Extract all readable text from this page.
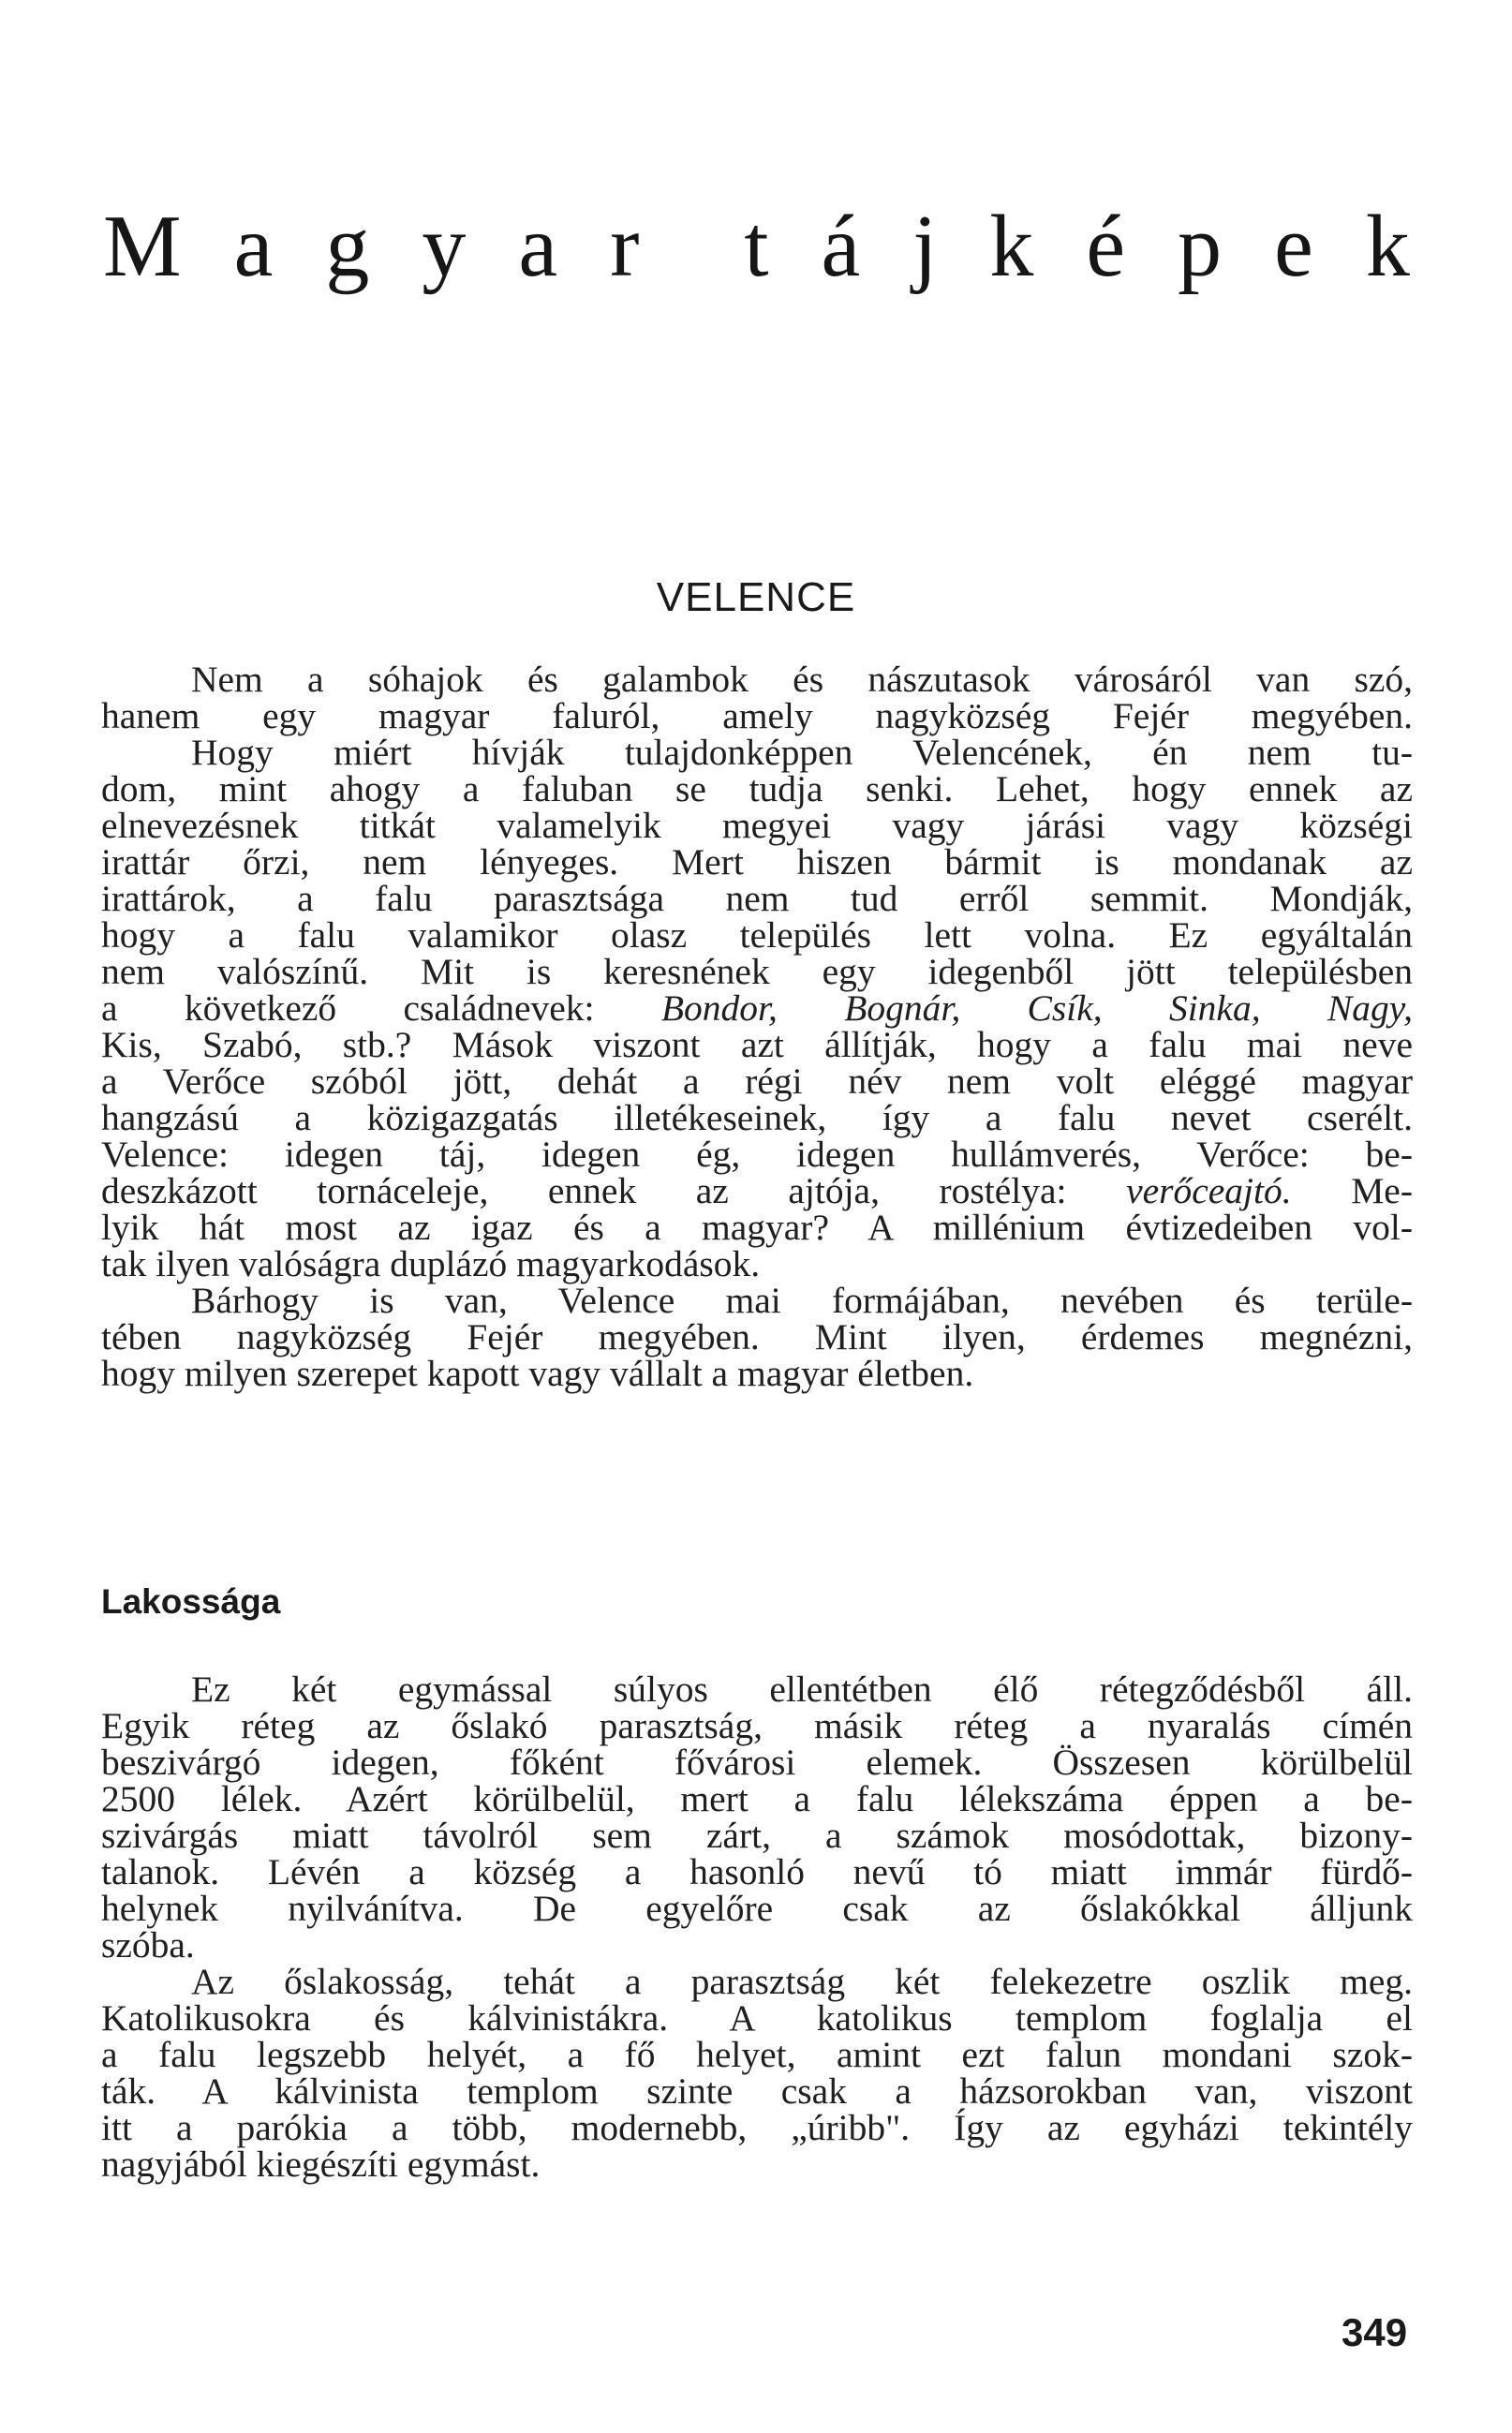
M a g y a r t á j k é p e k
VELENCE
Nem a sóhajok és galambok és nászutasok városáról van szó,
hanem egy magyar faluról, amely nagyközség Fejér megyében.
Hogy miért hívják tulajdonképpen Velencének, én nem tu-
dom, mint ahogy a faluban se tudja senki. Lehet, hogy ennek az
elnevezésnek titkát valamelyik megyei vagy járási vagy községi
irattár őrzi, nem lényeges. Mert hiszen bármit is mondanak az
irattárok, a falu parasztsága nem tud erről semmit. Mondják,
hogy a falu valamikor olasz település lett volna. Ez egyáltalán
nem valószínű. Mit is keresnének egy idegenből jött településben
a következő családnevek: Bondor, Bognár, Csík, Sinka, Nagy,
Kis, Szabó, stb.? Mások viszont azt állítják, hogy a falu mai neve
a Verőce szóból jött, dehát a régi név nem volt eléggé magyar
hangzású a közigazgatás illetékeseinek, így a falu nevet cserélt.
Velence: idegen táj, idegen ég, idegen hullámverés, Verőce: be-
deszkázott tornáceleje, ennek az ajtója, rostélya: verőceajtó. Me-
lyik hát most az igaz és a magyar? A millénium évtizedeiben vol-
tak ilyen valóságra duplázó magyarkodások.
Bárhogy is van, Velence mai formájában, nevében és terüle-
tében nagyközség Fejér megyében. Mint ilyen, érdemes megnézni,
hogy milyen szerepet kapott vagy vállalt a magyar életben.
Lakossága
Ez két egymással súlyos ellentétben élő rétegződésből áll.
Egyik réteg az őslakó parasztság, másik réteg a nyaralás címén
beszivárgó idegen, főként fővárosi elemek. Összesen körülbelül
2500 lélek. Azért körülbelül, mert a falu lélekszáma éppen a be-
szivárgás miatt távolról sem zárt, a számok mosódottak, bizony-
talanok. Lévén a község a hasonló nevű tó miatt immár fürdő-
helynek nyilvánítva. De egyelőre csak az őslakókkal álljunk
szóba.
Az őslakosság, tehát a parasztság két felekezetre oszlik meg.
Katolikusokra és kálvinistákra. A katolikus templom foglalja el
a falu legszebb helyét, a fő helyet, amint ezt falun mondani szok-
ták. A kálvinista templom szinte csak a házsorokban van, viszont
itt a parókia a több, modernebb, „úribb". Így az egyházi tekintély
nagyjából kiegészíti egymást.
349
